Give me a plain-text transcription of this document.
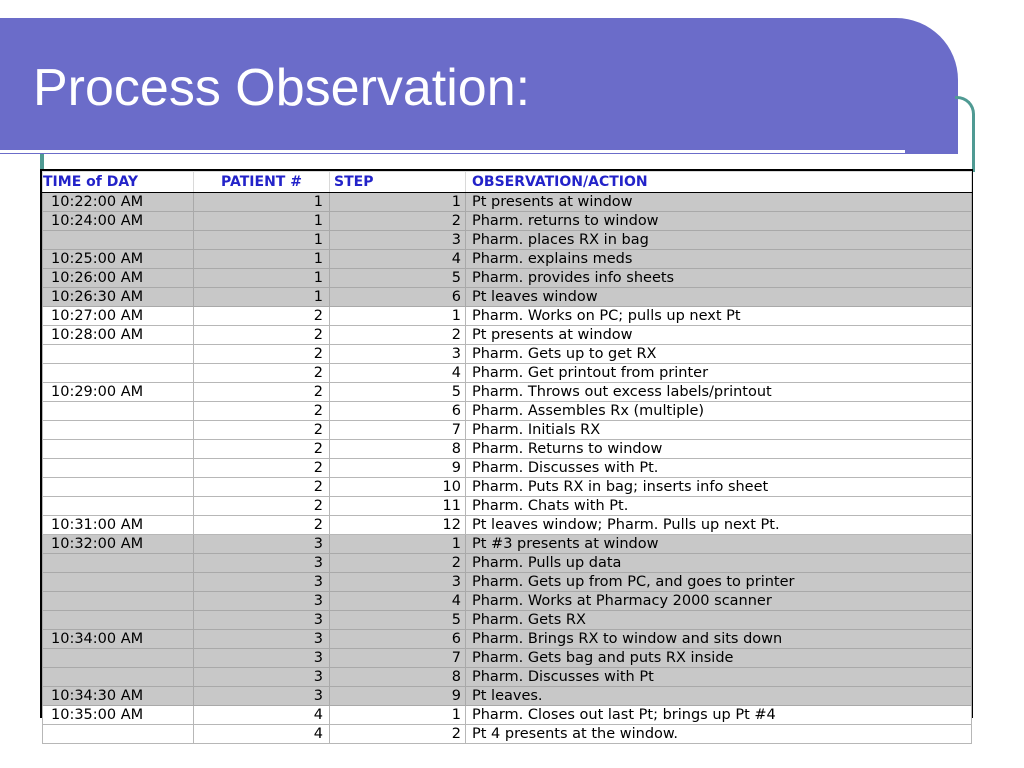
Process Observation:
TIME of DAY	PATIENT #	STEP	OBSERVATION/ACTION
10:22:00 AM	1	1	Pt presents at window
10:24:00 AM	1	2	Pharm. returns to window
	1	3	Pharm. places RX in bag
10:25:00 AM	1	4	Pharm. explains meds
10:26:00 AM	1	5	Pharm. provides info sheets
10:26:30 AM	1	6	Pt leaves window
10:27:00 AM	2	1	Pharm. Works on PC; pulls up next Pt
10:28:00 AM	2	2	Pt presents at window
	2	3	Pharm. Gets up to get RX
	2	4	Pharm. Get printout from printer
10:29:00 AM	2	5	Pharm. Throws out excess labels/printout
	2	6	Pharm. Assembles Rx (multiple)
	2	7	Pharm. Initials RX
	2	8	Pharm. Returns to window
	2	9	Pharm. Discusses with Pt.
	2	10	Pharm. Puts RX in bag; inserts info sheet
	2	11	Pharm. Chats with Pt.
10:31:00 AM	2	12	Pt leaves window; Pharm. Pulls up next Pt.
10:32:00 AM	3	1	Pt #3 presents at window
	3	2	Pharm. Pulls up data
	3	3	Pharm. Gets up from PC, and goes to printer
	3	4	Pharm. Works at Pharmacy 2000 scanner
	3	5	Pharm. Gets RX
10:34:00 AM	3	6	Pharm. Brings RX to window and sits down
	3	7	Pharm. Gets bag and puts RX inside
	3	8	Pharm. Discusses with Pt
10:34:30 AM	3	9	Pt leaves.
10:35:00 AM	4	1	Pharm. Closes out last Pt; brings up Pt #4
	4	2	Pt 4 presents at the window.
